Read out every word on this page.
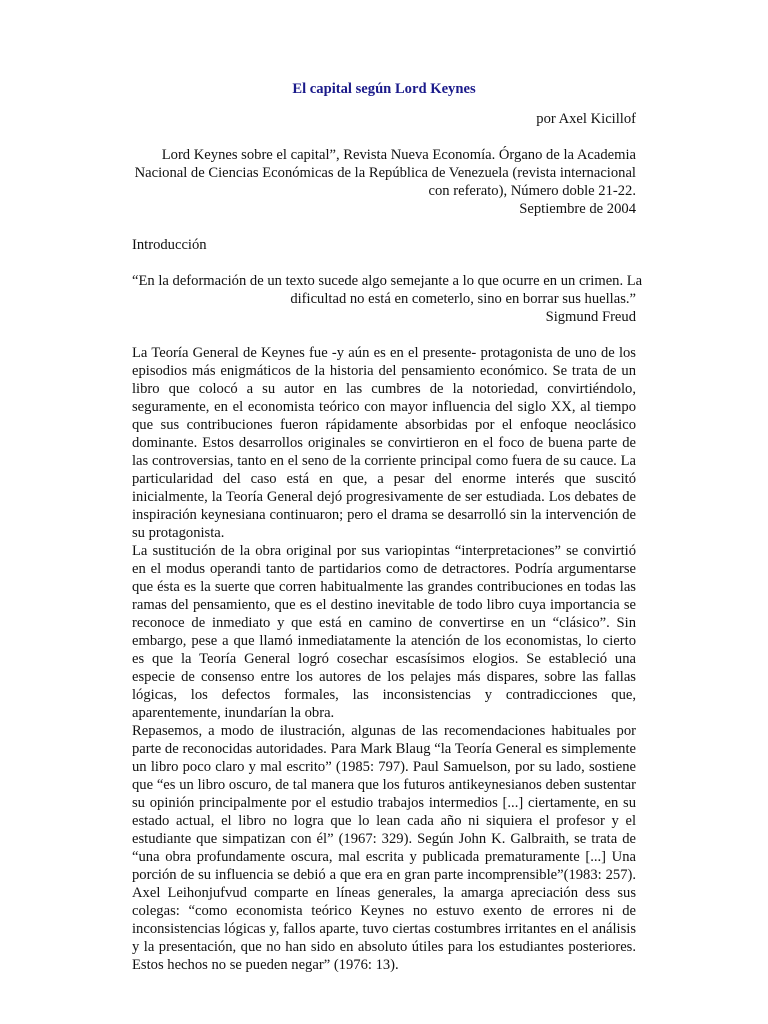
El capital según Lord Keynes
por Axel Kicillof
Lord Keynes sobre el capital”, Revista Nueva Economía. Órgano de la Academia
Nacional de Ciencias Económicas de la República de Venezuela (revista internacional
con referato), Número doble 21-22.
Septiembre de 2004
Introducción
“En la deformación de un texto sucede algo semejante a lo que ocurre en un crimen. La
dificultad no está en cometerlo, sino en borrar sus huellas.”
Sigmund Freud

La Teoría General de Keynes fue -y aún es en el presente- protagonista de uno de los episodios más enigmáticos de la historia del pensamiento económico. Se trata de un libro que colocó a su autor en las cumbres de la notoriedad, convirtiéndolo, seguramente, en el economista teórico con mayor influencia del siglo XX, al tiempo que sus contribuciones fueron rápidamente absorbidas por el enfoque neoclásico dominante. Estos desarrollos originales se convirtieron en el foco de buena parte de las controversias, tanto en el seno de la corriente principal como fuera de su cauce. La particularidad del caso está en que, a pesar del enorme interés que suscitó inicialmente, la Teoría General dejó progresivamente de ser estudiada. Los debates de inspiración keynesiana continuaron; pero el drama se desarrolló sin la intervención de su protagonista.

La sustitución de la obra original por sus variopintas “interpretaciones” se convirtió en el modus operandi tanto de partidarios como de detractores. Podría argumentarse que ésta es la suerte que corren habitualmente las grandes contribuciones en todas las ramas del pensamiento, que es el destino inevitable de todo libro cuya importancia se reconoce de inmediato y que está en camino de convertirse en un “clásico”. Sin embargo, pese a que llamó inmediatamente la atención de los economistas, lo cierto es que la Teoría General logró cosechar escasísimos elogios. Se estableció una especie de consenso entre los autores de los pelajes más dispares, sobre las fallas lógicas, los defectos formales, las inconsistencias y contradicciones que, aparentemente, inundarían la obra.

Repasemos, a modo de ilustración, algunas de las recomendaciones habituales por parte de reconocidas autoridades. Para Mark Blaug “la Teoría General es simplemente un libro poco claro y mal escrito” (1985: 797). Paul Samuelson, por su lado, sostiene que “es un libro oscuro, de tal manera que los futuros antikeynesianos deben sustentar su opinión principalmente por el estudio trabajos intermedios [...] ciertamente, en su estado actual, el libro no logra que lo lean cada año ni siquiera el profesor y el estudiante que simpatizan con él” (1967: 329). Según John K. Galbraith, se trata de “una obra profundamente oscura, mal escrita y publicada prematuramente [...] Una porción de su influencia se debió a que era en gran parte incomprensible”(1983: 257). Axel Leihonjufvud comparte en líneas generales, la amarga apreciación dess sus colegas: “como economista teórico Keynes no estuvo exento de errores ni de inconsistencias lógicas y, fallos aparte, tuvo ciertas costumbres irritantes en el análisis y la presentación, que no han sido en absoluto útiles para los estudiantes posteriores. Estos hechos no se pueden negar” (1976: 13).
